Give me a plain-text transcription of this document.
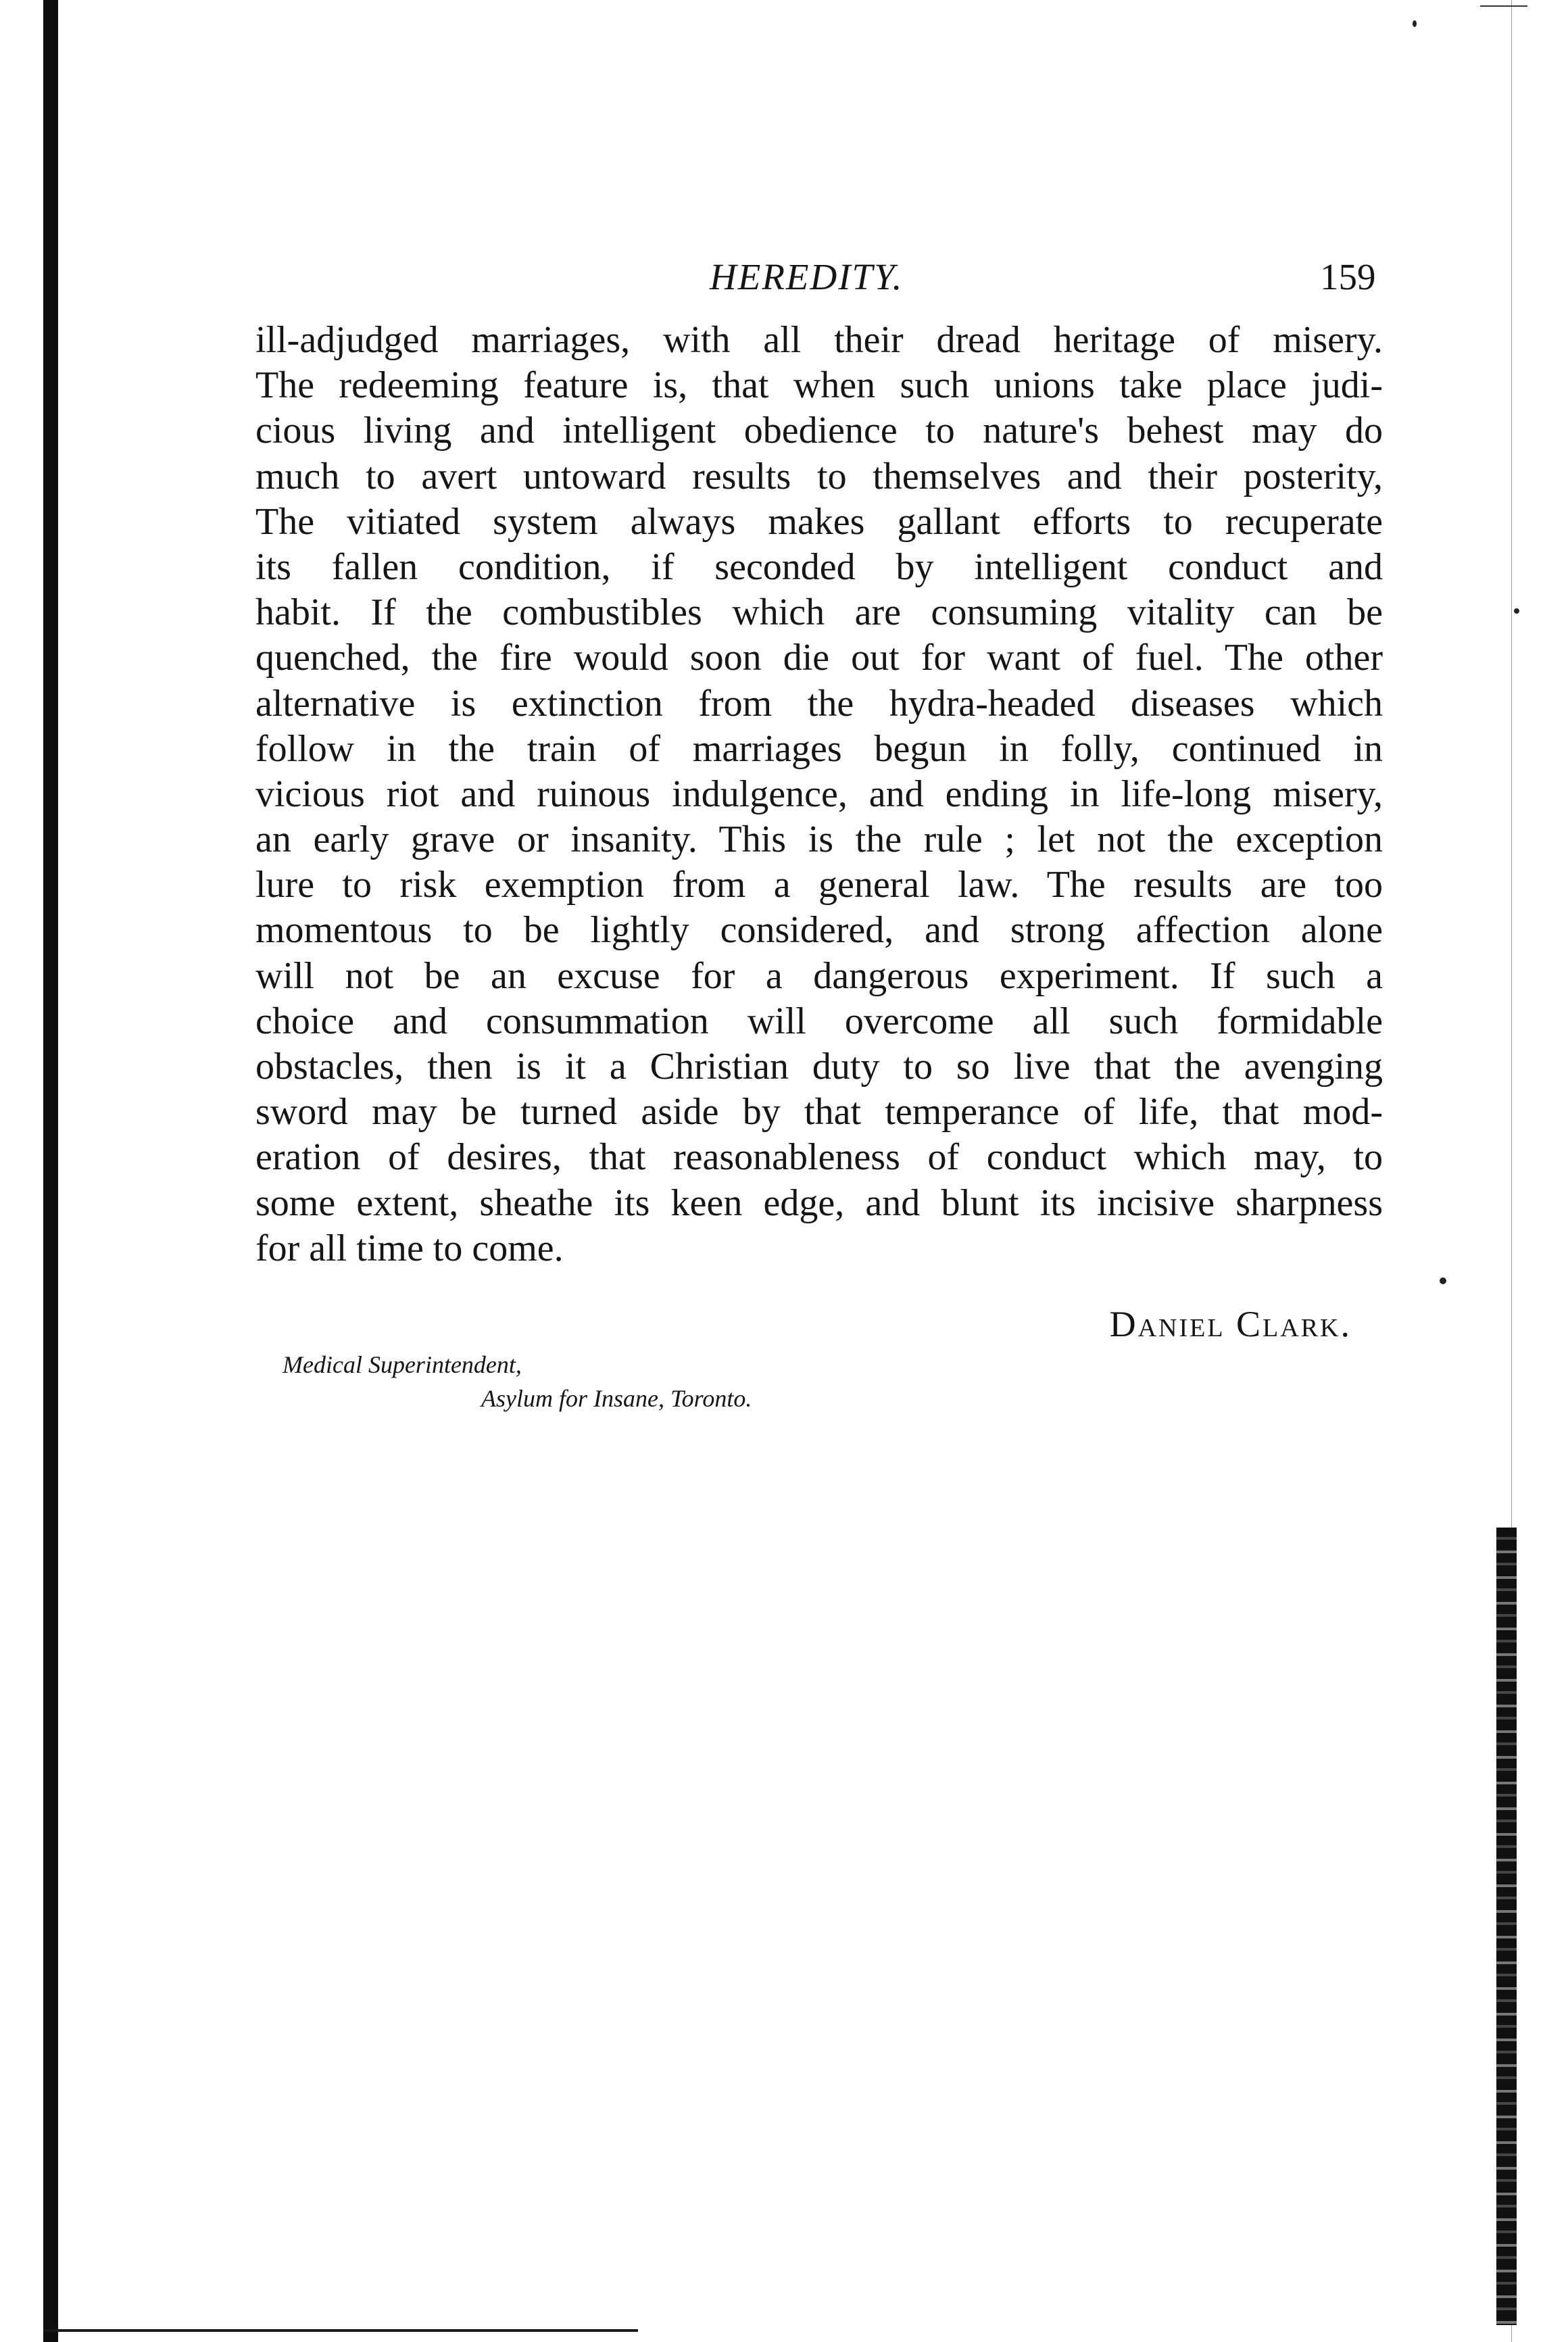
HEREDITY.	159
ill-adjudged marriages, with all their dread heritage of misery.
The redeeming feature is, that when such unions take place judi-
cious living and intelligent obedience to nature's behest may do
much to avert untoward results to themselves and their posterity,
The vitiated system always makes gallant efforts to recuperate
its fallen condition, if seconded by intelligent conduct and
habit. If the combustibles which are consuming vitality can be
quenched, the fire would soon die out for want of fuel. The other
alternative is extinction from the hydra-headed diseases which
follow in the train of marriages begun in folly, continued in
vicious riot and ruinous indulgence, and ending in life-long misery,
an early grave or insanity. This is the rule ; let not the exception
lure to risk exemption from a general law. The results are too
momentous to be lightly considered, and strong affection alone
will not be an excuse for a dangerous experiment. If such a
choice and consummation will overcome all such formidable
obstacles, then is it a Christian duty to so live that the avenging
sword may be turned aside by that temperance of life, that mod-
eration of desires, that reasonableness of conduct which may, to
some extent, sheathe its keen edge, and blunt its incisive sharpness
for all time to come.
Daniel Clark.
Medical Superintendent,
Asylum for Insane, Toronto.
